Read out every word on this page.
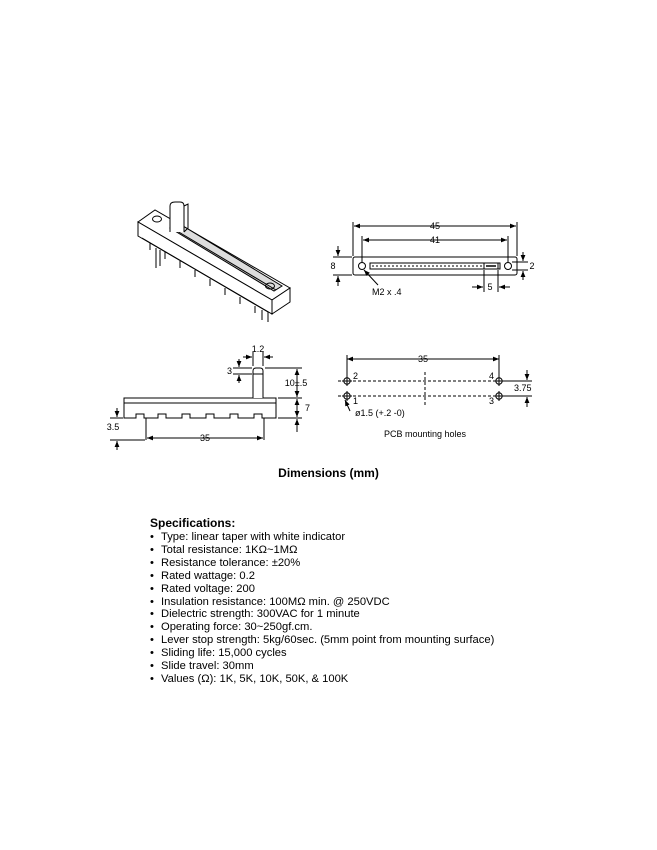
45
41
8	2
5
M2 x .4
1.2
3
10±.5
7
3.5
35
35
2
1
4
3
3.75
ø1.5 (+.2 -0)
PCB mounting holes
Dimensions (mm)
Specifications:
• Type: linear taper with white indicator
• Total resistance: 1KΩ~1MΩ
• Resistance tolerance: ±20%
• Rated wattage: 0.2
• Rated voltage: 200
• Insulation resistance: 100MΩ min. @ 250VDC
• Dielectric strength: 300VAC for 1 minute
• Operating force: 30~250gf.cm.
• Lever stop strength: 5kg/60sec. (5mm point from mounting surface)
• Sliding life: 15,000 cycles
• Slide travel: 30mm
• Values (Ω): 1K, 5K, 10K, 50K, & 100K
